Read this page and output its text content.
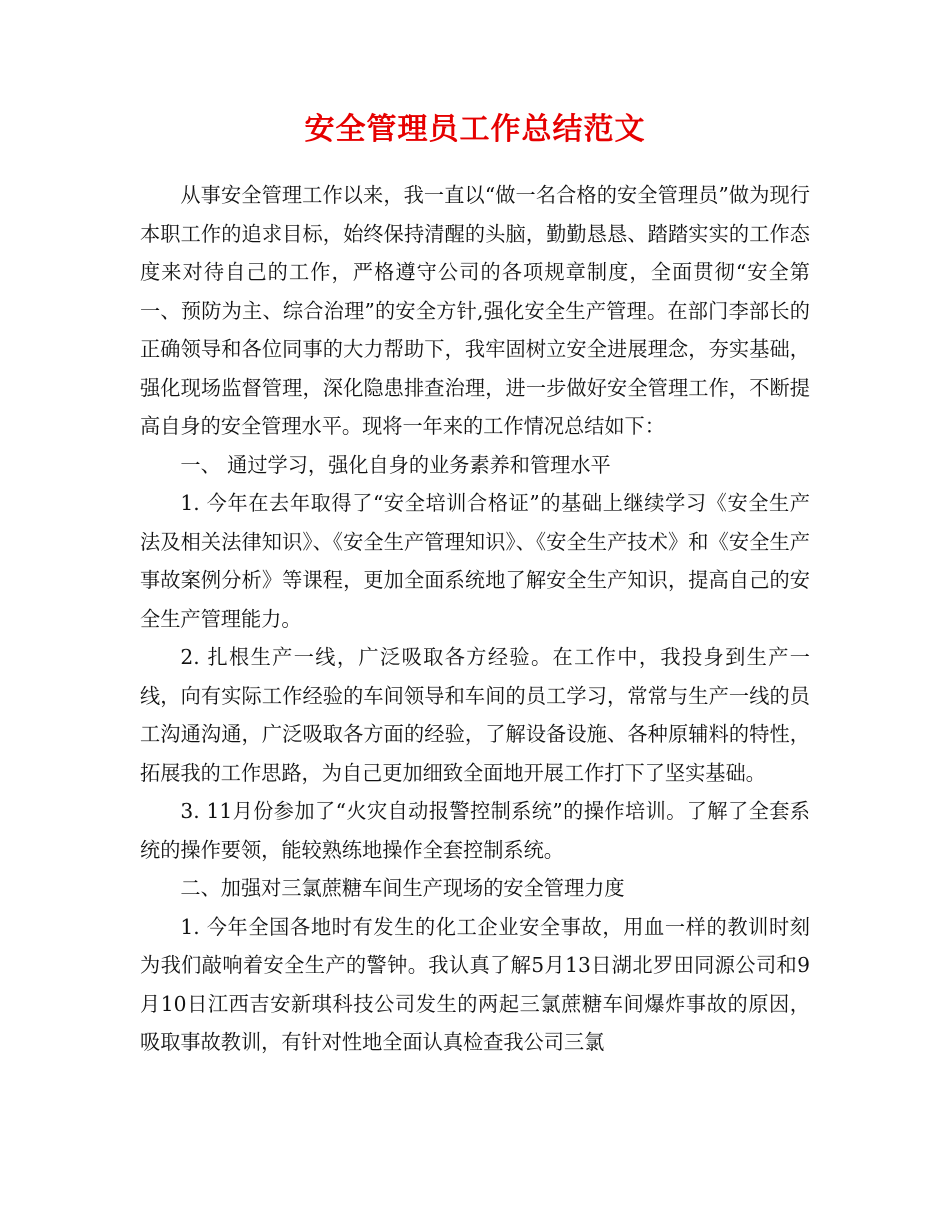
安全管理员工作总结范文

从事安全管理工作以来，我一直以“做一名合格的安全管理员”做为现行本职工作的追求目标，始终保持清醒的头脑，勤勤恳恳、踏踏实实的工作态度来对待自己的工作，严格遵守公司的各项规章制度，全面贯彻“安全第一、预防为主、综合治理”的安全方针,强化安全生产管理。在部门李部长的正确领导和各位同事的大力帮助下，我牢固树立安全进展理念，夯实基础，强化现场监督管理，深化隐患排查治理，进一步做好安全管理工作，不断提高自身的安全管理水平。现将一年来的工作情况总结如下：

一、 通过学习，强化自身的业务素养和管理水平

1. 今年在去年取得了“安全培训合格证”的基础上继续学习《安全生产法及相关法律知识》、《安全生产管理知识》、《安全生产技术》和《安全生产事故案例分析》等课程，更加全面系统地了解安全生产知识，提高自己的安全生产管理能力。

2. 扎根生产一线，广泛吸取各方经验。在工作中，我投身到生产一线，向有实际工作经验的车间领导和车间的员工学习，常常与生产一线的员工沟通沟通，广泛吸取各方面的经验，了解设备设施、各种原辅料的特性，拓展我的工作思路，为自己更加细致全面地开展工作打下了坚实基础。

3. 11月份参加了“火灾自动报警控制系统”的操作培训。了解了全套系统的操作要领，能较熟练地操作全套控制系统。

二、加强对三氯蔗糖车间生产现场的安全管理力度

1. 今年全国各地时有发生的化工企业安全事故，用血一样的教训时刻为我们敲响着安全生产的警钟。我认真了解5月13日湖北罗田同源公司和9月10日江西吉安新琪科技公司发生的两起三氯蔗糖车间爆炸事故的原因，吸取事故教训，有针对性地全面认真检查我公司三氯
